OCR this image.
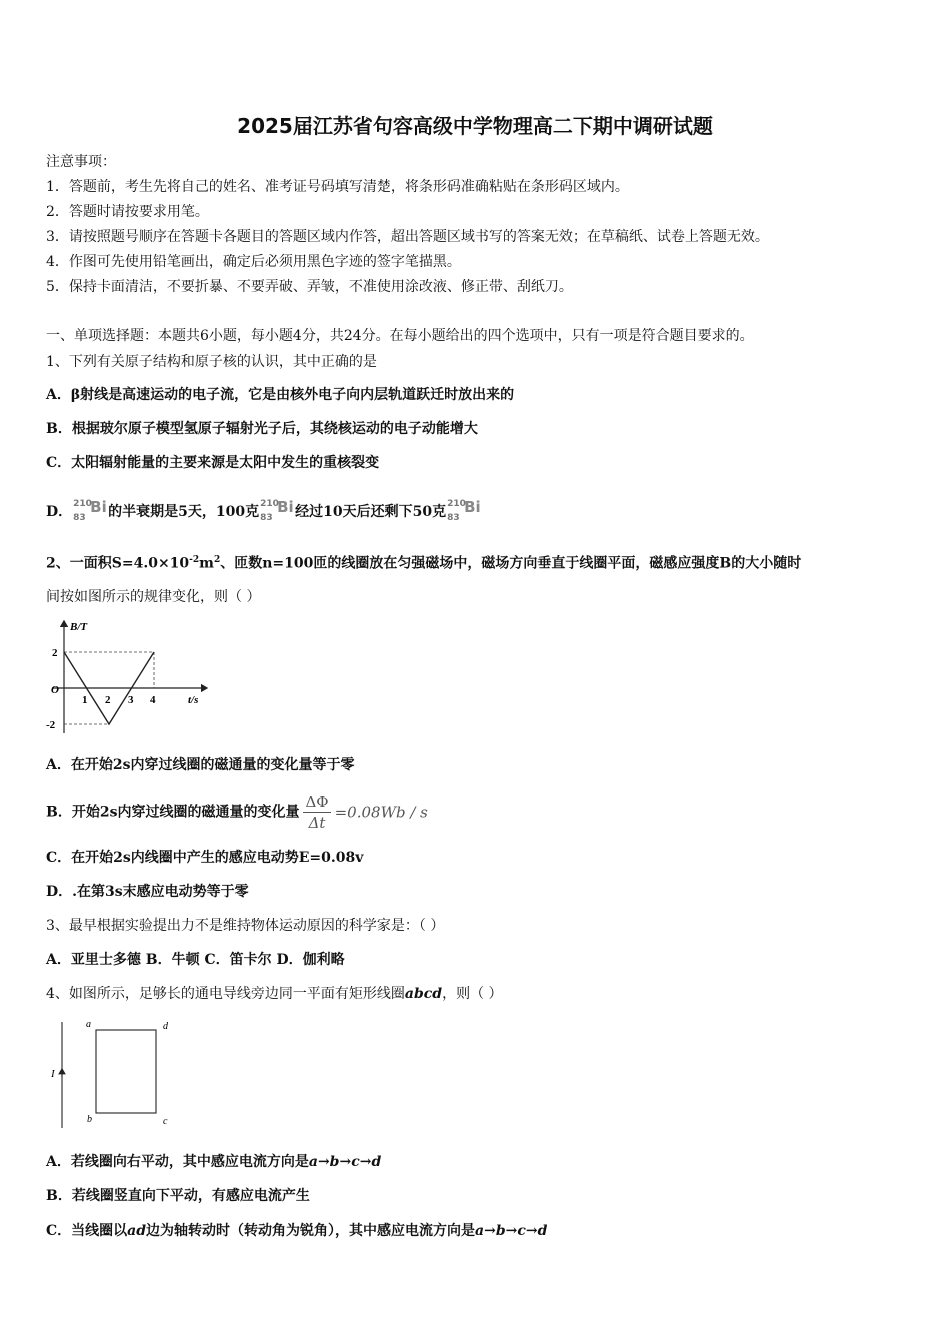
2025届江苏省句容高级中学物理高二下期中调研试题
注意事项：
1．答题前，考生先将自己的姓名、准考证号码填写清楚，将条形码准确粘贴在条形码区域内。
2．答题时请按要求用笔。
3．请按照题号顺序在答题卡各题目的答题区域内作答，超出答题区域书写的答案无效；在草稿纸、试卷上答题无效。
4．作图可先使用铅笔画出，确定后必须用黑色字迹的签字笔描黑。
5．保持卡面清洁，不要折暴、不要弄破、弄皱，不准使用涂改液、修正带、刮纸刀。
一、单项选择题：本题共6小题，每小题4分，共24分。在每小题给出的四个选项中，只有一项是符合题目要求的。
1、下列有关原子结构和原子核的认识，其中正确的是
A．β射线是高速运动的电子流，它是由核外电子向内层轨道跃迁时放出来的
B．根据玻尔原子模型氢原子辐射光子后，其绕核运动的电子动能增大
C．太阳辐射能量的主要来源是太阳中发生的重核裂变
D． 210
83
Bi 的半衰期是5天，100克 210
83
Bi 经过10天后还剩下50克 210
83
Bi
2、一面积$S=4.0\times 10^{-2}m^2$、匝数n=100匝的线圈放在匀强磁场中，磁场方向垂直于线圈平面，磁感应强度B的大小随时
间按如图所示的规律变化，则（ ）
B/T
t/s
O
2
-2
1 2 3 4
A．在开始2s内穿过线圈的磁通量的变化量等于零
B．开始2s内穿过线圈的磁通量的变化量 $\frac{\Delta\Phi}{\Delta t} =0.08Wb / s$
C．在开始2s内线圈中产生的感应电动势E=0.08v
D．.在第3s末感应电动势等于零
3、最早根据实验提出力不是维持物体运动原因的科学家是：（ ）
A．亚里士多德 B．牛顿 C．笛卡尔 D．伽利略
4、如图所示，足够长的通电导线旁边同一平面有矩形线圈abcd，则（ ）
I
a	d
b	c
A．若线圈向右平动，其中感应电流方向是a→b→c→d
B．若线圈竖直向下平动，有感应电流产生
C．当线圈以ad边为轴转动时（转动角为锐角），其中感应电流方向是a→b→c→d
